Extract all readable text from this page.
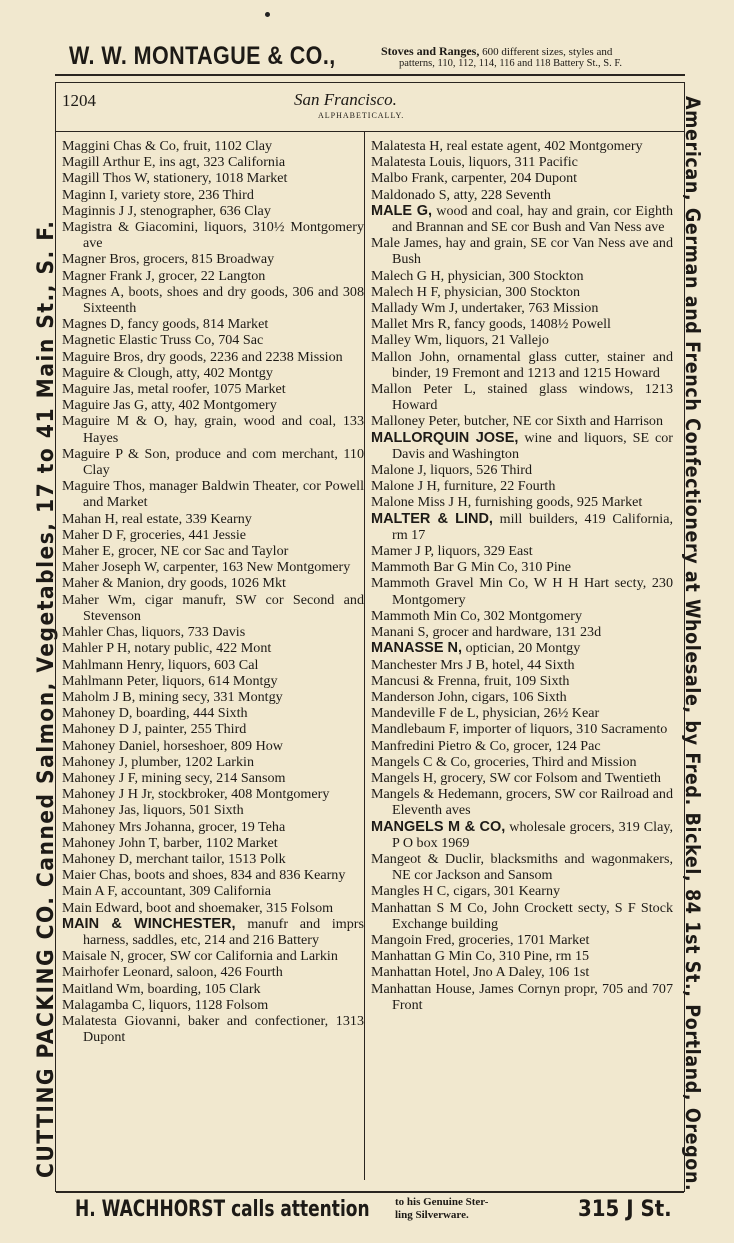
W. W. MONTAGUE & CO.,	Stoves and Ranges, 600 different sizes, styles and
patterns, 110, 112, 114, 116 and 118 Battery St., S. F.
CUTTING PACKING CO. Canned Salmon, Vegetables, 17 to 41 Main St., S. F.	American, German and French Confectionery at Wholesale, by Fred. Bickel, 84 1st St., Portland, Oregon.
1204	San Francisco.
ALPHABETICALLY.
Maggini Chas & Co, fruit, 1102 Clay
Magill Arthur E, ins agt, 323 California
Magill Thos W, stationery, 1018 Market
Maginn I, variety store, 236 Third
Maginnis J J, stenographer, 636 Clay
Magistra & Giacomini, liquors, 310½ Montgomery ave
Magner Bros, grocers, 815 Broadway
Magner Frank J, grocer, 22 Langton
Magnes A, boots, shoes and dry goods, 306 and 308 Sixteenth
Magnes D, fancy goods, 814 Market
Magnetic Elastic Truss Co, 704 Sac
Maguire Bros, dry goods, 2236 and 2238 Mission
Maguire & Clough, atty, 402 Montgy
Maguire Jas, metal roofer, 1075 Market
Maguire Jas G, atty, 402 Montgomery
Maguire M & O, hay, grain, wood and coal, 133 Hayes
Maguire P & Son, produce and com merchant, 110 Clay
Maguire Thos, manager Baldwin Theater, cor Powell and Market
Mahan H, real estate, 339 Kearny
Maher D F, groceries, 441 Jessie
Maher E, grocer, NE cor Sac and Taylor
Maher Joseph W, carpenter, 163 New Montgomery
Maher & Manion, dry goods, 1026 Mkt
Maher Wm, cigar manufr, SW cor Second and Stevenson
Mahler Chas, liquors, 733 Davis
Mahler P H, notary public, 422 Mont
Mahlmann Henry, liquors, 603 Cal
Mahlmann Peter, liquors, 614 Montgy
Maholm J B, mining secy, 331 Montgy
Mahoney D, boarding, 444 Sixth
Mahoney D J, painter, 255 Third
Mahoney Daniel, horseshoer, 809 How
Mahoney J, plumber, 1202 Larkin
Mahoney J F, mining secy, 214 Sansom
Mahoney J H Jr, stockbroker, 408 Montgomery
Mahoney Jas, liquors, 501 Sixth
Mahoney Mrs Johanna, grocer, 19 Teha
Mahoney John T, barber, 1102 Market
Mahoney D, merchant tailor, 1513 Polk
Maier Chas, boots and shoes, 834 and 836 Kearny
Main A F, accountant, 309 California
Main Edward, boot and shoemaker, 315 Folsom
MAIN & WINCHESTER, manufr and imprs harness, saddles, etc, 214 and 216 Battery
Maisale N, grocer, SW cor California and Larkin
Mairhofer Leonard, saloon, 426 Fourth
Maitland Wm, boarding, 105 Clark
Malagamba C, liquors, 1128 Folsom
Malatesta Giovanni, baker and confectioner, 1313 Dupont
Malatesta H, real estate agent, 402 Montgomery
Malatesta Louis, liquors, 311 Pacific
Malbo Frank, carpenter, 204 Dupont
Maldonado S, atty, 228 Seventh
MALE G, wood and coal, hay and grain, cor Eighth and Brannan and SE cor Bush and Van Ness ave
Male James, hay and grain, SE cor Van Ness ave and Bush
Malech G H, physician, 300 Stockton
Malech H F, physician, 300 Stockton
Mallady Wm J, undertaker, 763 Mission
Mallet Mrs R, fancy goods, 1408½ Powell
Malley Wm, liquors, 21 Vallejo
Mallon John, ornamental glass cutter, stainer and binder, 19 Fremont and 1213 and 1215 Howard
Mallon Peter L, stained glass windows, 1213 Howard
Malloney Peter, butcher, NE cor Sixth and Harrison
MALLORQUIN JOSE, wine and liquors, SE cor Davis and Washington
Malone J, liquors, 526 Third
Malone J H, furniture, 22 Fourth
Malone Miss J H, furnishing goods, 925 Market
MALTER & LIND, mill builders, 419 California, rm 17
Mamer J P, liquors, 329 East
Mammoth Bar G Min Co, 310 Pine
Mammoth Gravel Min Co, W H H Hart secty, 230 Montgomery
Mammoth Min Co, 302 Montgomery
Manani S, grocer and hardware, 131 23d
MANASSE N, optician, 20 Montgy
Manchester Mrs J B, hotel, 44 Sixth
Mancusi & Frenna, fruit, 109 Sixth
Manderson John, cigars, 106 Sixth
Mandeville F de L, physician, 26½ Kear
Mandlebaum F, importer of liquors, 310 Sacramento
Manfredini Pietro & Co, grocer, 124 Pac
Mangels C & Co, groceries, Third and Mission
Mangels H, grocery, SW cor Folsom and Twentieth
Mangels & Hedemann, grocers, SW cor Railroad and Eleventh aves
MANGELS M & CO, wholesale grocers, 319 Clay, P O box 1969
Mangeot & Duclir, blacksmiths and wagonmakers, NE cor Jackson and Sansom
Mangles H C, cigars, 301 Kearny
Manhattan S M Co, John Crockett secty, S F Stock Exchange building
Mangoin Fred, groceries, 1701 Market
Manhattan G Min Co, 310 Pine, rm 15
Manhattan Hotel, Jno A Daley, 106 1st
Manhattan House, James Cornyn propr, 705 and 707 Front
H. WACHHORST calls attention to his Genuine Ster-
ling Silverware.	315 J St.
